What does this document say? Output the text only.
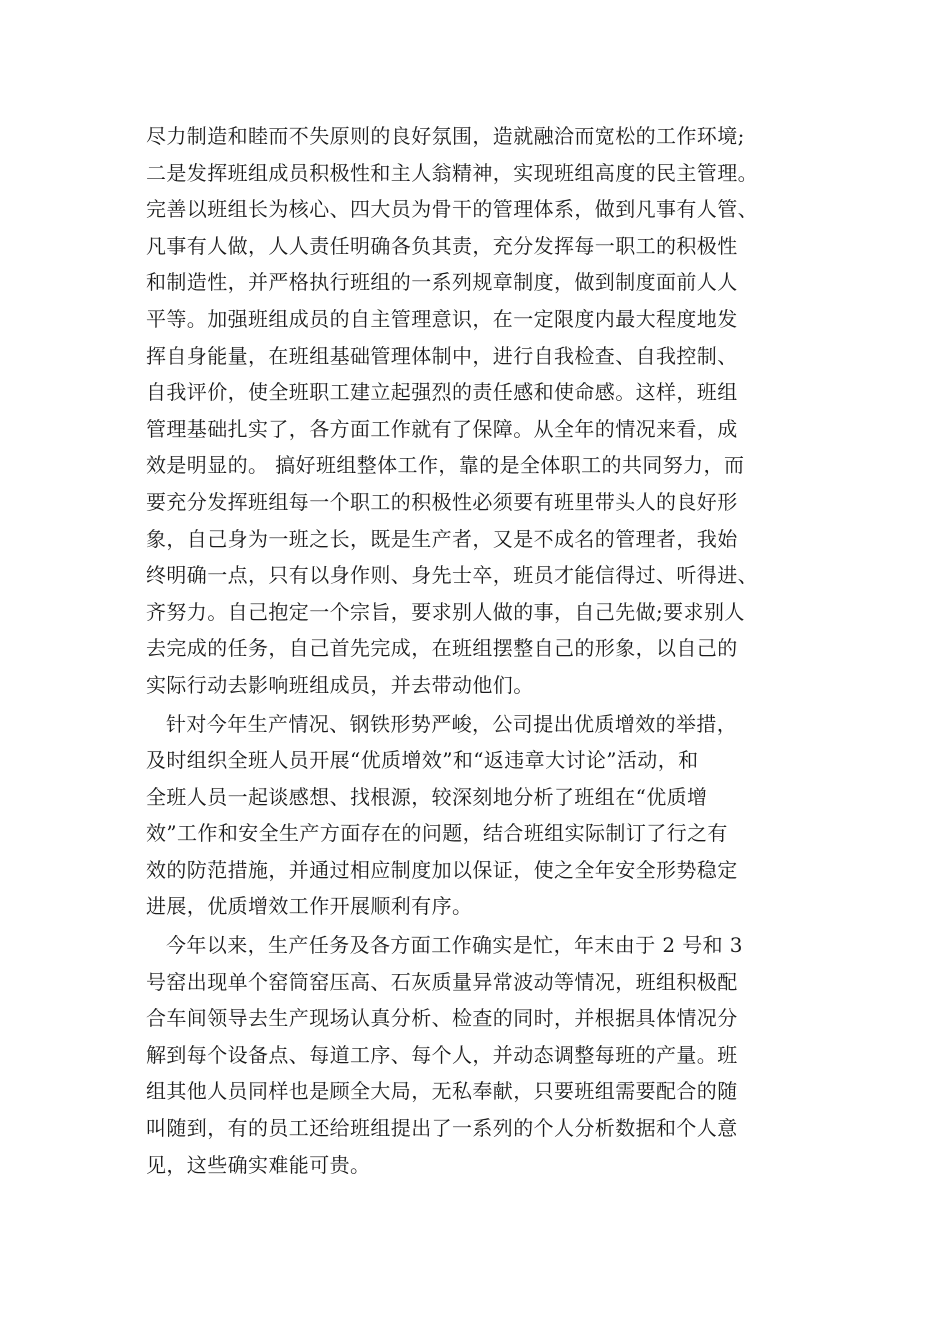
尽力制造和睦而不失原则的良好氛围，造就融洽而宽松的工作环境;
二是发挥班组成员积极性和主人翁精神，实现班组高度的民主管理。
完善以班组长为核心、四大员为骨干的管理体系，做到凡事有人管、
凡事有人做，人人责任明确各负其责，充分发挥每一职工的积极性
和制造性，并严格执行班组的一系列规章制度，做到制度面前人人
平等。加强班组成员的自主管理意识，在一定限度内最大程度地发
挥自身能量，在班组基础管理体制中，进行自我检查、自我控制、
自我评价，使全班职工建立起强烈的责任感和使命感。这样，班组
管理基础扎实了，各方面工作就有了保障。从全年的情况来看，成
效是明显的。 搞好班组整体工作，靠的是全体职工的共同努力，而
要充分发挥班组每一个职工的积极性必须要有班里带头人的良好形
象，自己身为一班之长，既是生产者，又是不成名的管理者，我始
终明确一点，只有以身作则、身先士卒，班员才能信得过、听得进、
齐努力。自己抱定一个宗旨，要求别人做的事，自己先做;要求别人
去完成的任务，自己首先完成，在班组摆整自己的形象，以自己的
实际行动去影响班组成员，并去带动他们。
针对今年生产情况、钢铁形势严峻，公司提出优质增效的举措，
及时组织全班人员开展“优质增效”和“返违章大讨论”活动，和
全班人员一起谈感想、找根源，较深刻地分析了班组在“优质增
效”工作和安全生产方面存在的问题，结合班组实际制订了行之有
效的防范措施，并通过相应制度加以保证，使之全年安全形势稳定
进展，优质增效工作开展顺利有序。
今年以来，生产任务及各方面工作确实是忙，年末由于 2 号和 3
号窑出现单个窑筒窑压高、石灰质量异常波动等情况，班组积极配
合车间领导去生产现场认真分析、检查的同时，并根据具体情况分
解到每个设备点、每道工序、每个人，并动态调整每班的产量。班
组其他人员同样也是顾全大局，无私奉献，只要班组需要配合的随
叫随到，有的员工还给班组提出了一系列的个人分析数据和个人意
见，这些确实难能可贵。
